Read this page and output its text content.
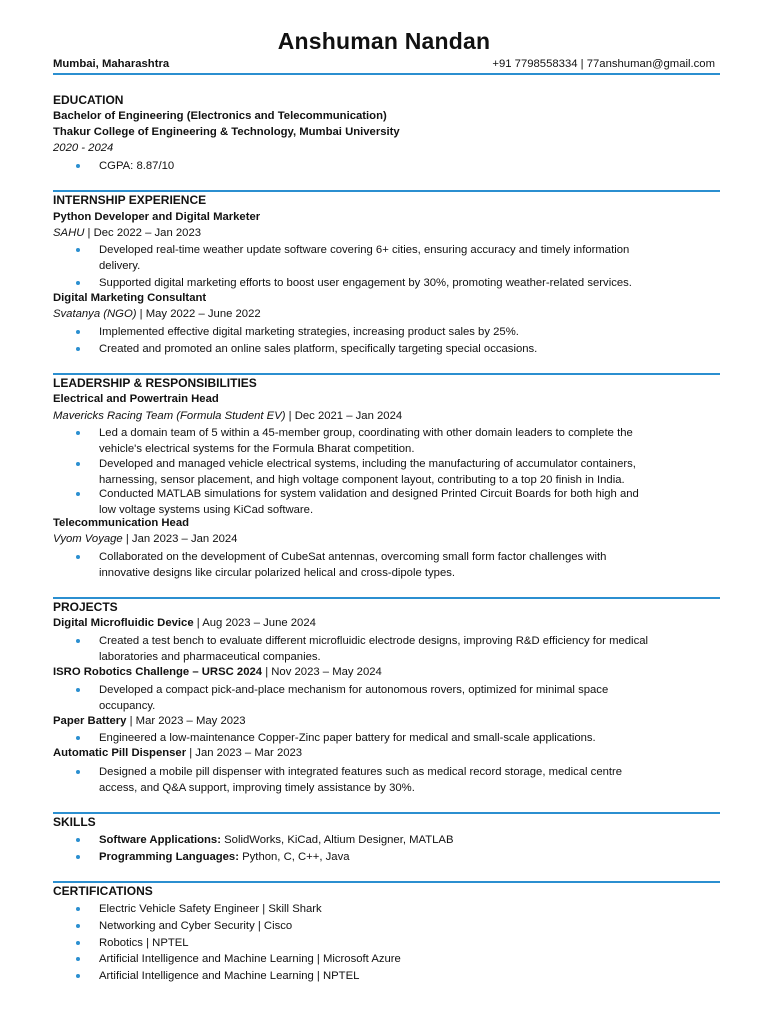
Anshuman Nandan
Mumbai, Maharashtra	+91 7798558334 | 77anshuman@gmail.com
EDUCATION
Bachelor of Engineering (Electronics and Telecommunication)
Thakur College of Engineering & Technology, Mumbai University
2020 - 2024
CGPA: 8.87/10
INTERNSHIP EXPERIENCE
Python Developer and Digital Marketer
SAHU | Dec 2022 – Jan 2023
Developed real-time weather update software covering 6+ cities, ensuring accuracy and timely information
delivery.
Supported digital marketing efforts to boost user engagement by 30%, promoting weather-related services.
Digital Marketing Consultant
Svatanya (NGO) | May 2022 – June 2022
Implemented effective digital marketing strategies, increasing product sales by 25%.
Created and promoted an online sales platform, specifically targeting special occasions.
LEADERSHIP & RESPONSIBILITIES
Electrical and Powertrain Head
Mavericks Racing Team (Formula Student EV) | Dec 2021 – Jan 2024
Led a domain team of 5 within a 45-member group, coordinating with other domain leaders to complete the
vehicle's electrical systems for the Formula Bharat competition.
Developed and managed vehicle electrical systems, including the manufacturing of accumulator containers,
harnessing, sensor placement, and high voltage component layout, contributing to a top 20 finish in India.
Conducted MATLAB simulations for system validation and designed Printed Circuit Boards for both high and
low voltage systems using KiCad software.
Telecommunication Head
Vyom Voyage | Jan 2023 – Jan 2024
Collaborated on the development of CubeSat antennas, overcoming small form factor challenges with
innovative designs like circular polarized helical and cross-dipole types.
PROJECTS
Digital Microfluidic Device | Aug 2023 – June 2024
Created a test bench to evaluate different microfluidic electrode designs, improving R&D efficiency for medical
laboratories and pharmaceutical companies.
ISRO Robotics Challenge – URSC 2024 | Nov 2023 – May 2024
Developed a compact pick-and-place mechanism for autonomous rovers, optimized for minimal space
occupancy.
Paper Battery | Mar 2023 – May 2023
Engineered a low-maintenance Copper-Zinc paper battery for medical and small-scale applications.
Automatic Pill Dispenser | Jan 2023 – Mar 2023
Designed a mobile pill dispenser with integrated features such as medical record storage, medical centre
access, and Q&A support, improving timely assistance by 30%.
SKILLS
Software Applications: SolidWorks, KiCad, Altium Designer, MATLAB
Programming Languages: Python, C, C++, Java
CERTIFICATIONS
Electric Vehicle Safety Engineer | Skill Shark
Networking and Cyber Security | Cisco
Robotics | NPTEL
Artificial Intelligence and Machine Learning | Microsoft Azure
Artificial Intelligence and Machine Learning | NPTEL
